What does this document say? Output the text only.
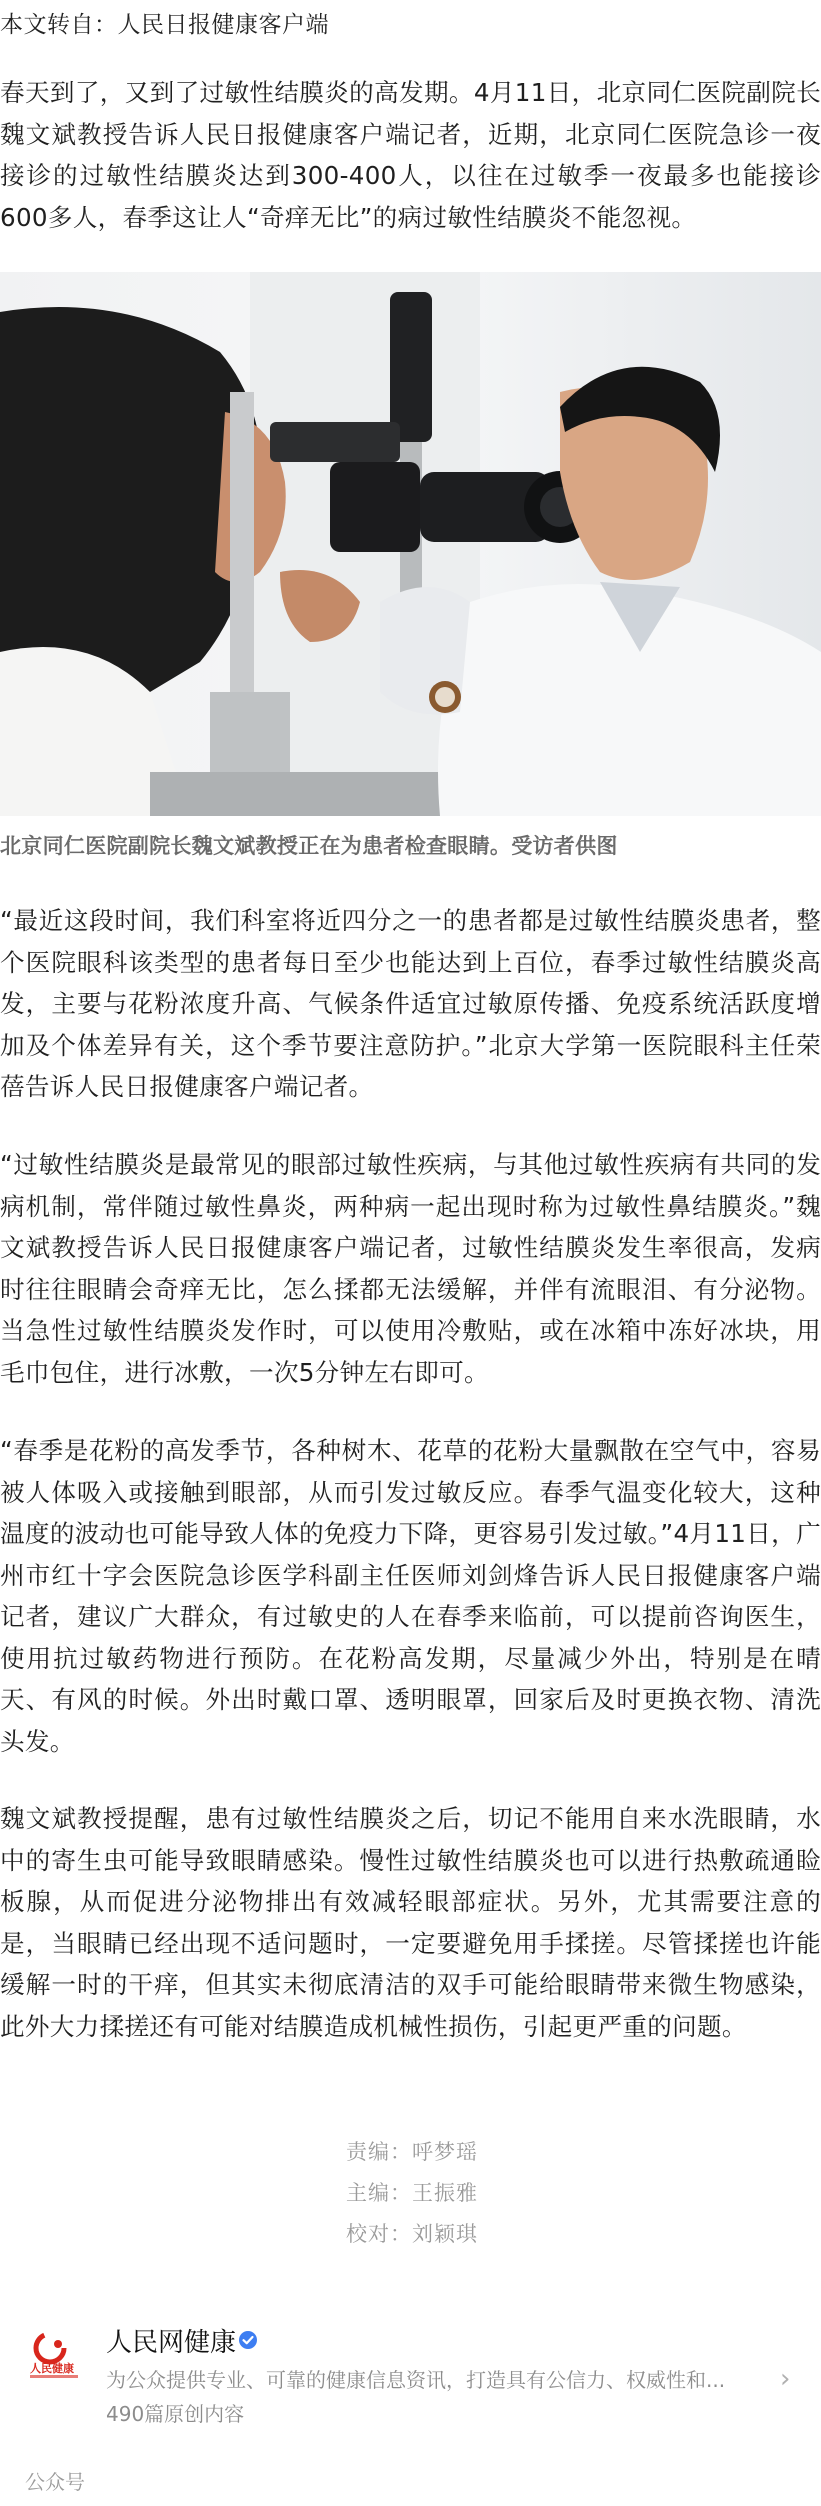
本文转自：人民日报健康客户端

春天到了，又到了过敏性结膜炎的高发期。4月11日，北京同仁医院副院长魏文斌教授告诉人民日报健康客户端记者，近期，北京同仁医院急诊一夜接诊的过敏性结膜炎达到300-400人，以往在过敏季一夜最多也能接诊600多人，春季这让人“奇痒无比”的病过敏性结膜炎不能忽视。

北京同仁医院副院长魏文斌教授正在为患者检查眼睛。受访者供图

“最近这段时间，我们科室将近四分之一的患者都是过敏性结膜炎患者，整个医院眼科该类型的患者每日至少也能达到上百位，春季过敏性结膜炎高发，主要与花粉浓度升高、气候条件适宜过敏原传播、免疫系统活跃度增加及个体差异有关，这个季节要注意防护。”北京大学第一医院眼科主任荣蓓告诉人民日报健康客户端记者。

“过敏性结膜炎是最常见的眼部过敏性疾病，与其他过敏性疾病有共同的发病机制，常伴随过敏性鼻炎，两种病一起出现时称为过敏性鼻结膜炎。”魏文斌教授告诉人民日报健康客户端记者，过敏性结膜炎发生率很高，发病时往往眼睛会奇痒无比，怎么揉都无法缓解，并伴有流眼泪、有分泌物。当急性过敏性结膜炎发作时，可以使用冷敷贴，或在冰箱中冻好冰块，用毛巾包住，进行冰敷，一次5分钟左右即可。

“春季是花粉的高发季节，各种树木、花草的花粉大量飘散在空气中，容易被人体吸入或接触到眼部，从而引发过敏反应。春季气温变化较大，这种温度的波动也可能导致人体的免疫力下降，更容易引发过敏。”4月11日，广州市红十字会医院急诊医学科副主任医师刘剑烽告诉人民日报健康客户端记者，建议广大群众，有过敏史的人在春季来临前，可以提前咨询医生，使用抗过敏药物进行预防。在花粉高发期，尽量减少外出，特别是在晴天、有风的时候。外出时戴口罩、透明眼罩，回家后及时更换衣物、清洗头发。

魏文斌教授提醒，患有过敏性结膜炎之后，切记不能用自来水洗眼睛，水中的寄生虫可能导致眼睛感染。慢性过敏性结膜炎也可以进行热敷疏通睑板腺，从而促进分泌物排出有效减轻眼部症状。另外，尤其需要注意的是，当眼睛已经出现不适问题时，一定要避免用手揉搓。尽管揉搓也许能缓解一时的干痒，但其实未彻底清洁的双手可能给眼睛带来微生物感染，此外大力揉搓还有可能对结膜造成机械性损伤，引起更严重的问题。

责编：呼梦瑶
主编：王振雅
校对：刘颖琪
人民健康
人民网健康
为公众提供专业、可靠的健康信息资讯，打造具有公信力、权威性和...
490篇原创内容
›
公众号
